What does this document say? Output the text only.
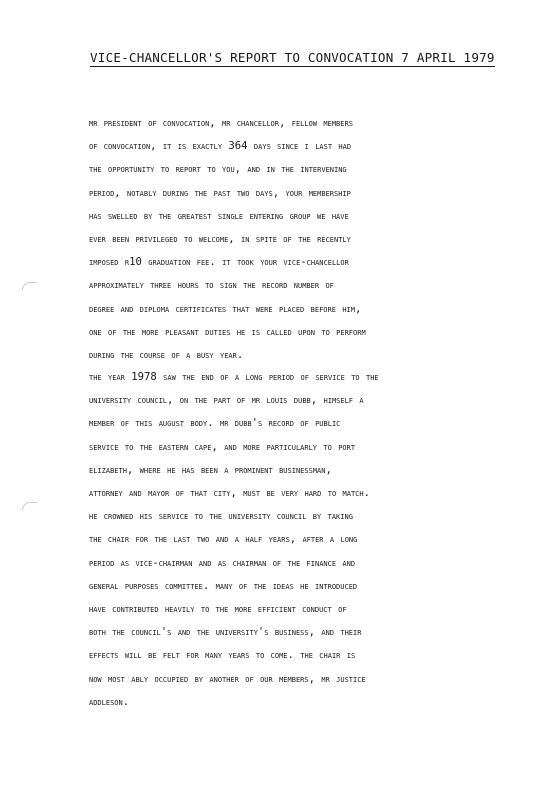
VICE-CHANCELLOR'S REPORT TO CONVOCATION 7 APRIL 1979
mr president of convocation, mr chancellor, fellow members
of convocation, it is exactly 364 days since i last had
the opportunity to report to you, and in the intervening
period, notably during the past two days, your membership
has swelled by the greatest single entering group we have
ever been privileged to welcome, in spite of the recently
imposed r10 graduation fee. it took your vice-chancellor
approximately three hours to sign the record number of
degree and diploma certificates that were placed before him,
one of the more pleasant duties he is called upon to perform
during the course of a busy year.
the year 1978 saw the end of a long period of service to the
university council, on the part of mr louis dubb, himself a
member of this august body. mr dubb's record of public
service to the eastern cape, and more particularly to port
elizabeth, where he has been a prominent businessman,
attorney and mayor of that city, must be very hard to match.
he crowned his service to the university council by taking
the chair for the last two and a half years, after a long
period as vice-chairman and as chairman of the finance and
general purposes committee. many of the ideas he introduced
have contributed heavily to the more efficient conduct of
both the council's and the university's business, and their
effects will be felt for many years to come. the chair is
now most ably occupied by another of our members, mr justice
addleson.
